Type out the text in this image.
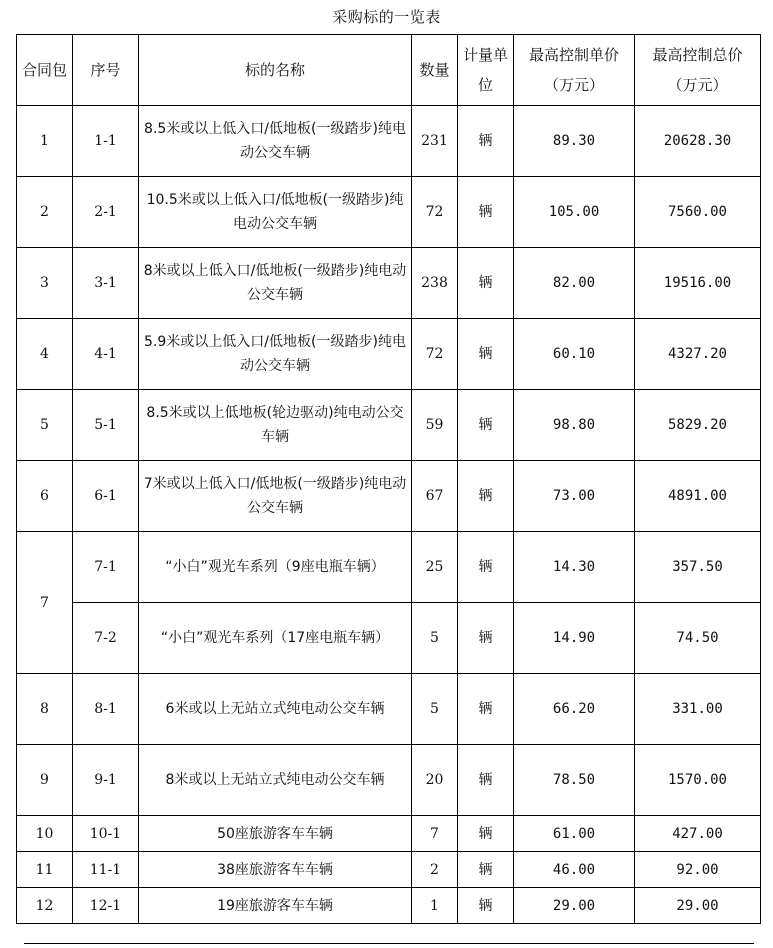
采购标的一览表
合同包	序号	标的名称	数量	计量单位	最高控制单价（万元）	最高控制总价 （万元）
1	1-1	8.5米或以上低入口/低地板(一级踏步)纯电动公交车辆	231	辆	89.30	20628.30
2	2-1	10.5米或以上低入口/低地板(一级踏步)纯电动公交车辆	72	辆	105.00	7560.00
3	3-1	8米或以上低入口/低地板(一级踏步)纯电动公交车辆	238	辆	82.00	19516.00
4	4-1	5.9米或以上低入口/低地板(一级踏步)纯电动公交车辆	72	辆	60.10	4327.20
5	5-1	8.5米或以上低地板(轮边驱动)纯电动公交车辆	59	辆	98.80	5829.20
6	6-1	7米或以上低入口/低地板(一级踏步)纯电动公交车辆	67	辆	73.00	4891.00
7	7-1	“小白”观光车系列（9座电瓶车辆）	25	辆	14.30	357.50
	7-2	“小白”观光车系列（17座电瓶车辆）	5	辆	14.90	74.50
8	8-1	6米或以上无站立式纯电动公交车辆	5	辆	66.20	331.00
9	9-1	8米或以上无站立式纯电动公交车辆	20	辆	78.50	1570.00
10	10-1	50座旅游客车车辆	7	辆	61.00	427.00
11	11-1	38座旅游客车车辆	2	辆	46.00	92.00
12	12-1	19座旅游客车车辆	1	辆	29.00	29.00
